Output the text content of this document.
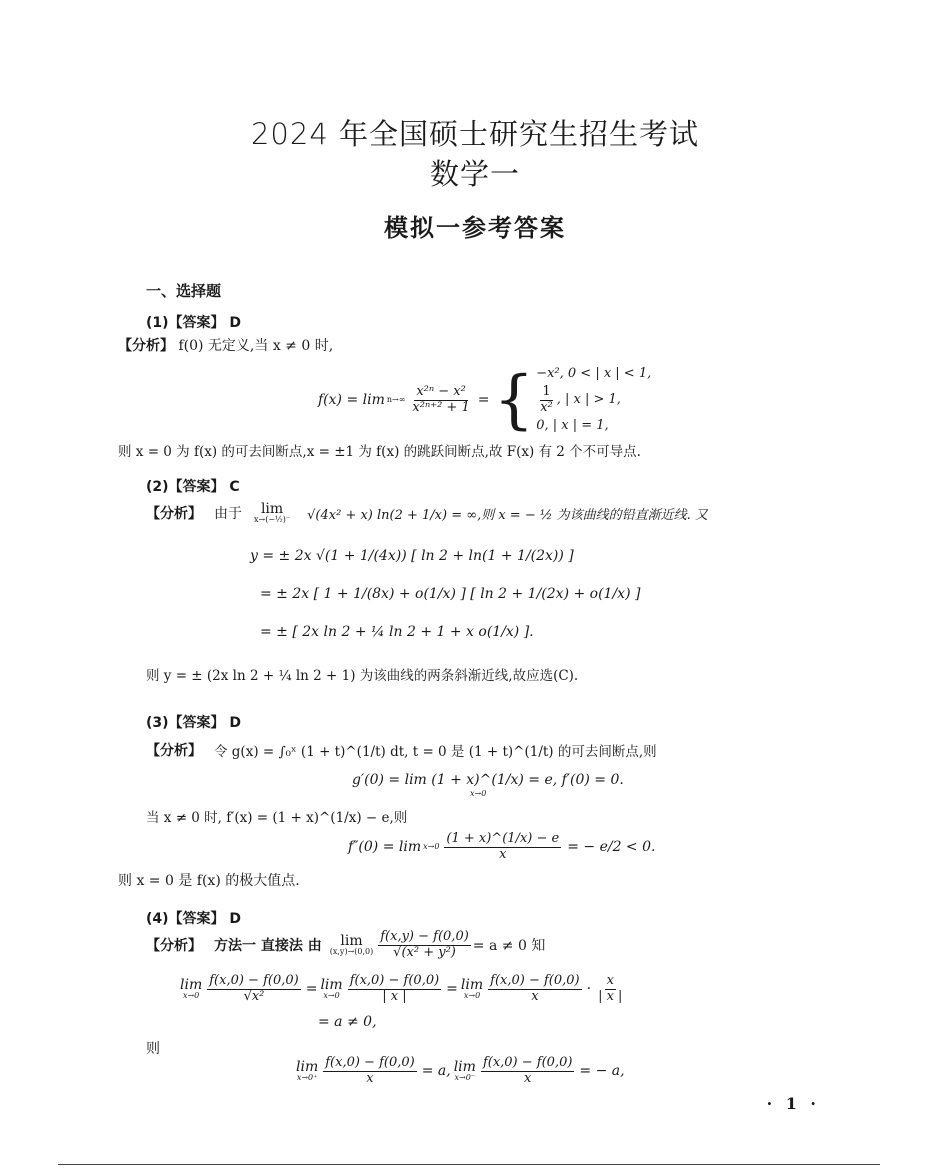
2024 年全国硕士研究生招生考试
数学一
模拟一参考答案
一、选择题
(1)【答案】 D
【分析】 f(0) 无定义,当 x ≠ 0 时,
$f(x) = \lim n\to\infty \frac{\text{x²ⁿ − x²}}{\text{x²ⁿ⁺² + 1}}$ = { −x², 0 < | x | < 1,
$\frac{1}{\text{x²}}$ , | x | > 1,
0, | x | = 1,
则 x = 0 为 f(x) 的可去间断点,x = ±1 为 f(x) 的跳跃间断点,故 F(x) 有 2 个不可导点.
(2)【答案】 C
【分析】 由于	lim
x→(−½)⁻ √(4x² + x) ln(2 + 1/x) = ∞,则 x = − ½ 为该曲线的铅直渐近线. 又
y = ± 2x √(1 + 1/(4x)) [ ln 2 + ln(1 + 1/(2x)) ]
= ± 2x [ 1 + 1/(8x) + o(1/x) ] [ ln 2 + 1/(2x) + o(1/x) ]
= ± [ 2x ln 2 + ¼ ln 2 + 1 + x o(1/x) ].
则 y = ± (2x ln 2 + ¼ ln 2 + 1) 为该曲线的两条斜渐近线,故应选(C).
(3)【答案】 D
【分析】 令 g(x) = ∫₀ˣ (1 + t)^(1/t) dt, t = 0 是 (1 + t)^(1/t) 的可去间断点,则
g′(0) = lim (1 + x)^(1/x) = e, f′(0) = 0.
x→0
当 x ≠ 0 时, f′(x) = (1 + x)^(1/x) − e,则
$f''(0) = \lim x\to 0 \frac{(1 + x)\^{}(1/x) - e}{x}$ = − e/2 < 0.
则 x = 0 是 f(x) 的极大值点.
(4)【答案】 D
【分析】 方法一 直接法 由	lim
$(x,y)\to(0,0) \frac{f(x,y) - f(0,0)}{\text{√(x² + y²)}} = a \ne 0$ 知
lim
$x\to 0 \frac{f(x,0) - f(0,0)}{\text{√x²}} = \lim$
$x\to 0 \frac{f(x,0) - f(0,0)}{| x |} = \lim$
$x\to 0 \frac{f(x,0) - f(0,0)}{x} \cdot \frac{x}{| x |}$
= a ≠ 0,
则
lim
$x\to 0^+ \frac{f(x,0) - f(0,0)}{x} = a$, lim
$x\to 0^- \frac{f(x,0) - f(0,0)}{x}$ = − a,
· 1 ·
